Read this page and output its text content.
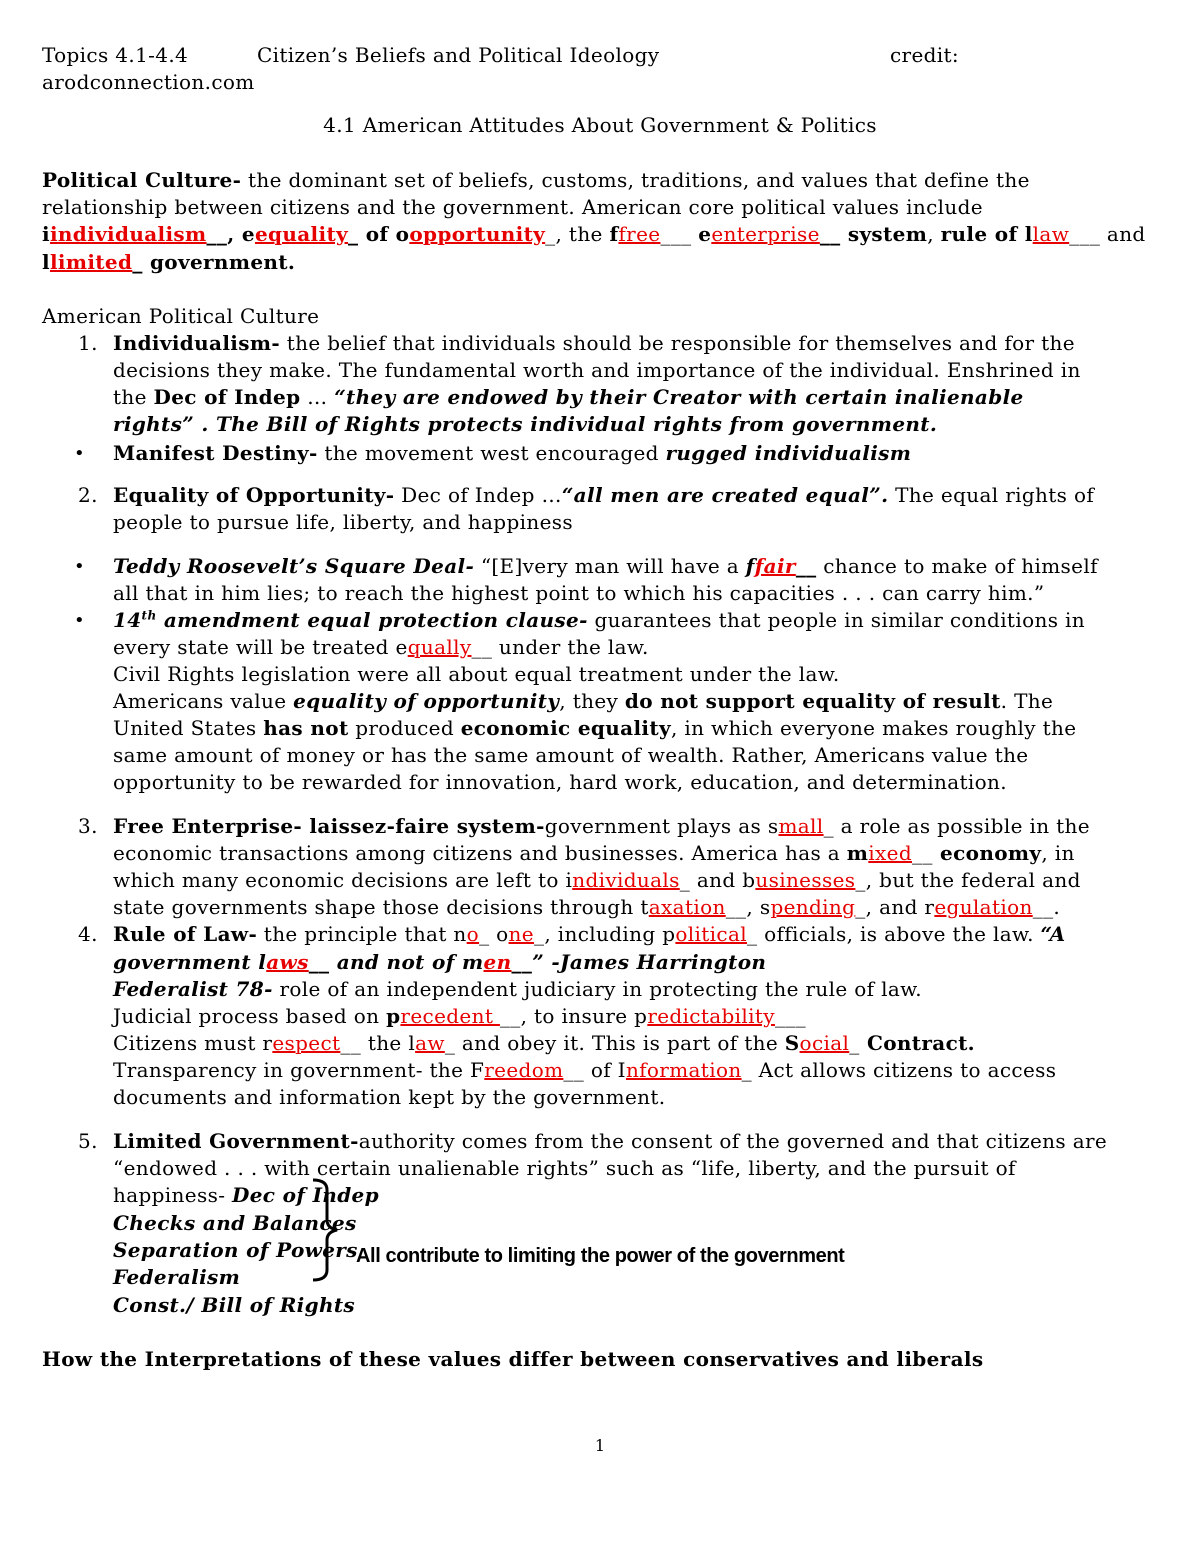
Topics 4.1-4.4	Citizen’s Beliefs and Political Ideology	credit:
arodconnection.com
4.1 American Attitudes About Government & Politics
Political Culture- the dominant set of beliefs, customs, traditions, and values that define the
relationship between citizens and the government. American core political values include
iindividualism__, eequality_ of oopportunity_, the ffree___ eenterprise__ system, rule of llaw___ and
llimited_ government.
American Political Culture
1. Individualism- the belief that individuals should be responsible for themselves and for the
decisions they make. The fundamental worth and importance of the individual. Enshrined in
the Dec of Indep … “they are endowed by their Creator with certain inalienable
rights” . The Bill of Rights protects individual rights from government.
• Manifest Destiny- the movement west encouraged rugged individualism
2. Equality of Opportunity- Dec of Indep …“all men are created equal”. The equal rights of
people to pursue life, liberty, and happiness
• Teddy Roosevelt’s Square Deal- “[E]very man will have a ffair__ chance to make of himself
all that in him lies; to reach the highest point to which his capacities . . . can carry him.”
• 14th amendment equal protection clause- guarantees that people in similar conditions in
every state will be treated equally__ under the law.
Civil Rights legislation were all about equal treatment under the law.
Americans value equality of opportunity, they do not support equality of result. The
United States has not produced economic equality, in which everyone makes roughly the
same amount of money or has the same amount of wealth. Rather, Americans value the
opportunity to be rewarded for innovation, hard work, education, and determination.
3. Free Enterprise- laissez-faire system-government plays as small_ a role as possible in the
economic transactions among citizens and businesses. America has a mixed__ economy, in
which many economic decisions are left to individuals_ and businesses_, but the federal and
state governments shape those decisions through taxation__, spending_, and regulation__.
4. Rule of Law- the principle that no_ one_, including political_ officials, is above the law. “A
government laws__ and not of men__” -James Harrington
Federalist 78- role of an independent judiciary in protecting the rule of law.
Judicial process based on precedent __, to insure predictability___
Citizens must respect__ the law_ and obey it. This is part of the Social_ Contract.
Transparency in government- the Freedom__ of Information_ Act allows citizens to access
documents and information kept by the government.
5. Limited Government-authority comes from the consent of the governed and that citizens are
“endowed . . . with certain unalienable rights” such as “life, liberty, and the pursuit of
happiness- Dec of Indep
Checks and Balances
Separation of Powers
Federalism
Const./ Bill of Rights
All contribute to limiting the power of the government
How the Interpretations of these values differ between conservatives and liberals
1
